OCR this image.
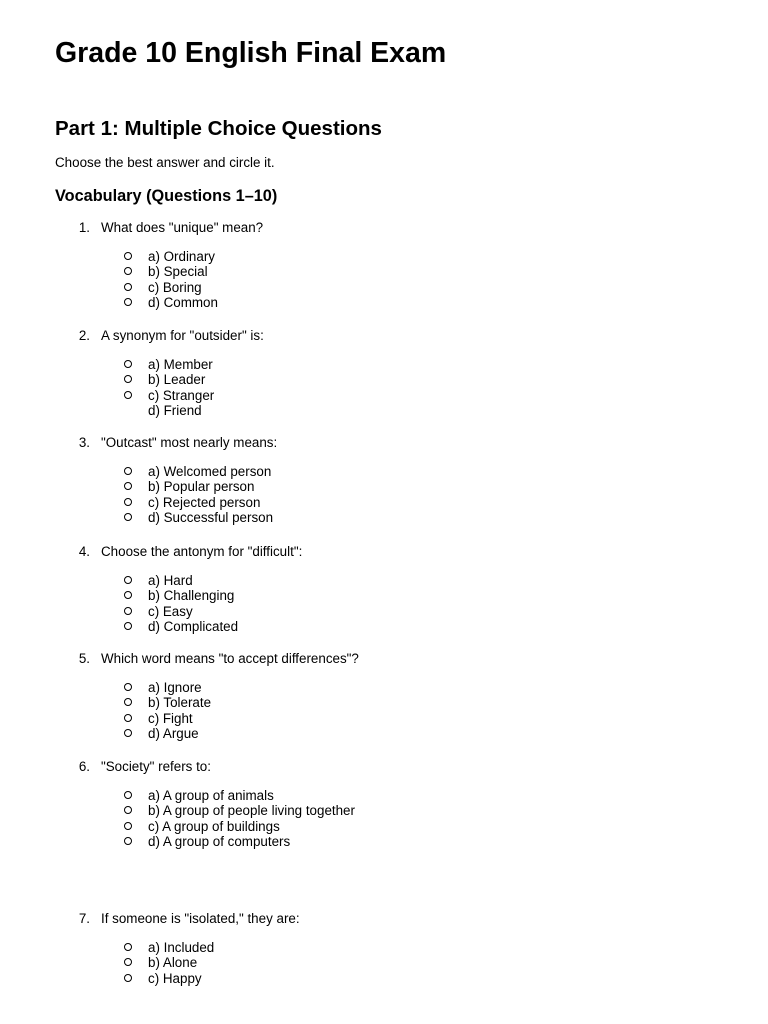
Grade 10 English Final Exam
Part 1: Multiple Choice Questions

Choose the best answer and circle it.

Vocabulary (Questions 1–10)
1. What does "unique" mean?
a) Ordinary
b) Special
c) Boring
d) Common
2. A synonym for "outsider" is:
a) Member
b) Leader
c) Stranger
d) Friend
3. "Outcast" most nearly means:
a) Welcomed person
b) Popular person
c) Rejected person
d) Successful person
4. Choose the antonym for "difficult":
a) Hard
b) Challenging
c) Easy
d) Complicated
5. Which word means "to accept differences"?
a) Ignore
b) Tolerate
c) Fight
d) Argue
6. "Society" refers to:
a) A group of animals
b) A group of people living together
c) A group of buildings
d) A group of computers
7. If someone is "isolated," they are:
a) Included
b) Alone
c) Happy
